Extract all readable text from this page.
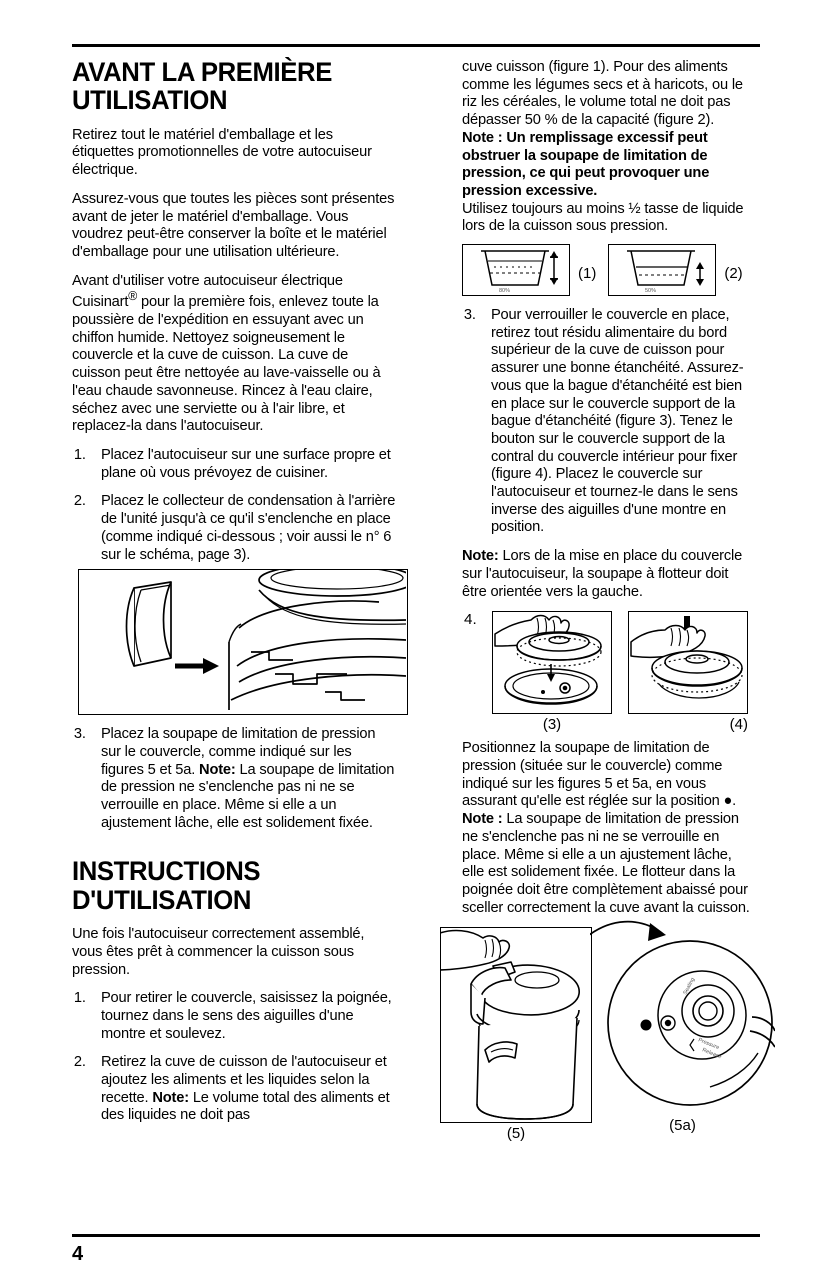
AVANT LA PREMIÈRE UTILISATION

Retirez tout le matériel d'emballage et les étiquettes promotionnelles de votre autocuiseur électrique.

Assurez-vous que toutes les pièces sont présentes avant de jeter le matériel d'emballage. Vous voudrez peut-être conserver la boîte et le matériel d'emballage pour une utilisation ultérieure.

Avant d'utiliser votre autocuiseur électrique Cuisinart® pour la première fois, enlevez toute la poussière de l'expédition en essuyant avec un chiffon humide. Nettoyez soigneusement le couvercle et la cuve de cuisson. La cuve de cuisson peut être nettoyée au lave-vaisselle ou à l'eau chaude savonneuse. Rincez à l'eau claire, séchez avec une serviette ou à l'air libre, et replacez-la dans l'autocuiseur.

1. Placez l'autocuiseur sur une surface propre et plane où vous prévoyez de cuisiner.
2. Placez le collecteur de condensation à l'arrière de l'unité jusqu'à ce qu'il s'enclenche en place (comme indiqué ci-dessous ; voir aussi le n° 6 sur le schéma, page 3).
3. Placez la soupape de limitation de pression sur le couvercle, comme indiqué sur les figures 5 et 5a. Note: La soupape de limitation de pression ne s'enclenche pas ni ne se verrouille en place. Même si elle a un ajustement lâche, elle est solidement fixée.
INSTRUCTIONS D'UTILISATION

Une fois l'autocuiseur correctement assemblé, vous êtes prêt à commencer la cuisson sous pression.

1. Pour retirer le couvercle, saisissez la poignée, tournez dans le sens des aiguilles d'une montre et soulevez.
2. Retirez la cuve de cuisson de l'autocuiseur et ajoutez les aliments et les liquides selon la recette. Note: Le volume total des aliments et des liquides ne doit pas

cuve cuisson (figure 1). Pour des aliments comme les légumes secs et à haricots, ou le riz les céréales, le volume total ne doit pas dépasser 50 % de la capacité (figure 2).

Note : Un remplissage excessif peut obstruer la soupape de limitation de pression, ce qui peut provoquer une pression excessive.

Utilisez toujours au moins ½ tasse de liquide lors de la cuisson sous pression.

80%
(1)
50%
(2)
3. Pour verrouiller le couvercle en place, retirez tout résidu alimentaire du bord supérieur de la cuve de cuisson pour assurer une bonne étanchéité. Assurez-vous que la bague d'étanchéité est bien en place sur le couvercle support de la bague d'étanchéité (figure 3). Tenez le bouton sur le couvercle support de la contral du couvercle intérieur pour fixer (figure 4). Placez le couvercle sur l'autocuiseur et tournez-le dans le sens inverse des aiguilles d'une montre en position.

Note: Lors de la mise en place du couvercle sur l'autocuiseur, la soupape à flotteur doit être orientée vers la gauche.

4.
(3)	(4)

Positionnez la soupape de limitation de pression (située sur le couvercle) comme indiqué sur les figures 5 et 5a, en vous assurant qu'elle est réglée sur la position ●.

Note : La soupape de limitation de pression ne s'enclenche pas ni ne se verrouille en place. Même si elle a un ajustement lâche, elle est solidement fixée. Le flotteur dans la poignée doit être complètement abaissé pour sceller correctement la cuve avant la cuisson.

(5)
Sealing
Pressure
Release
(5a)
4
